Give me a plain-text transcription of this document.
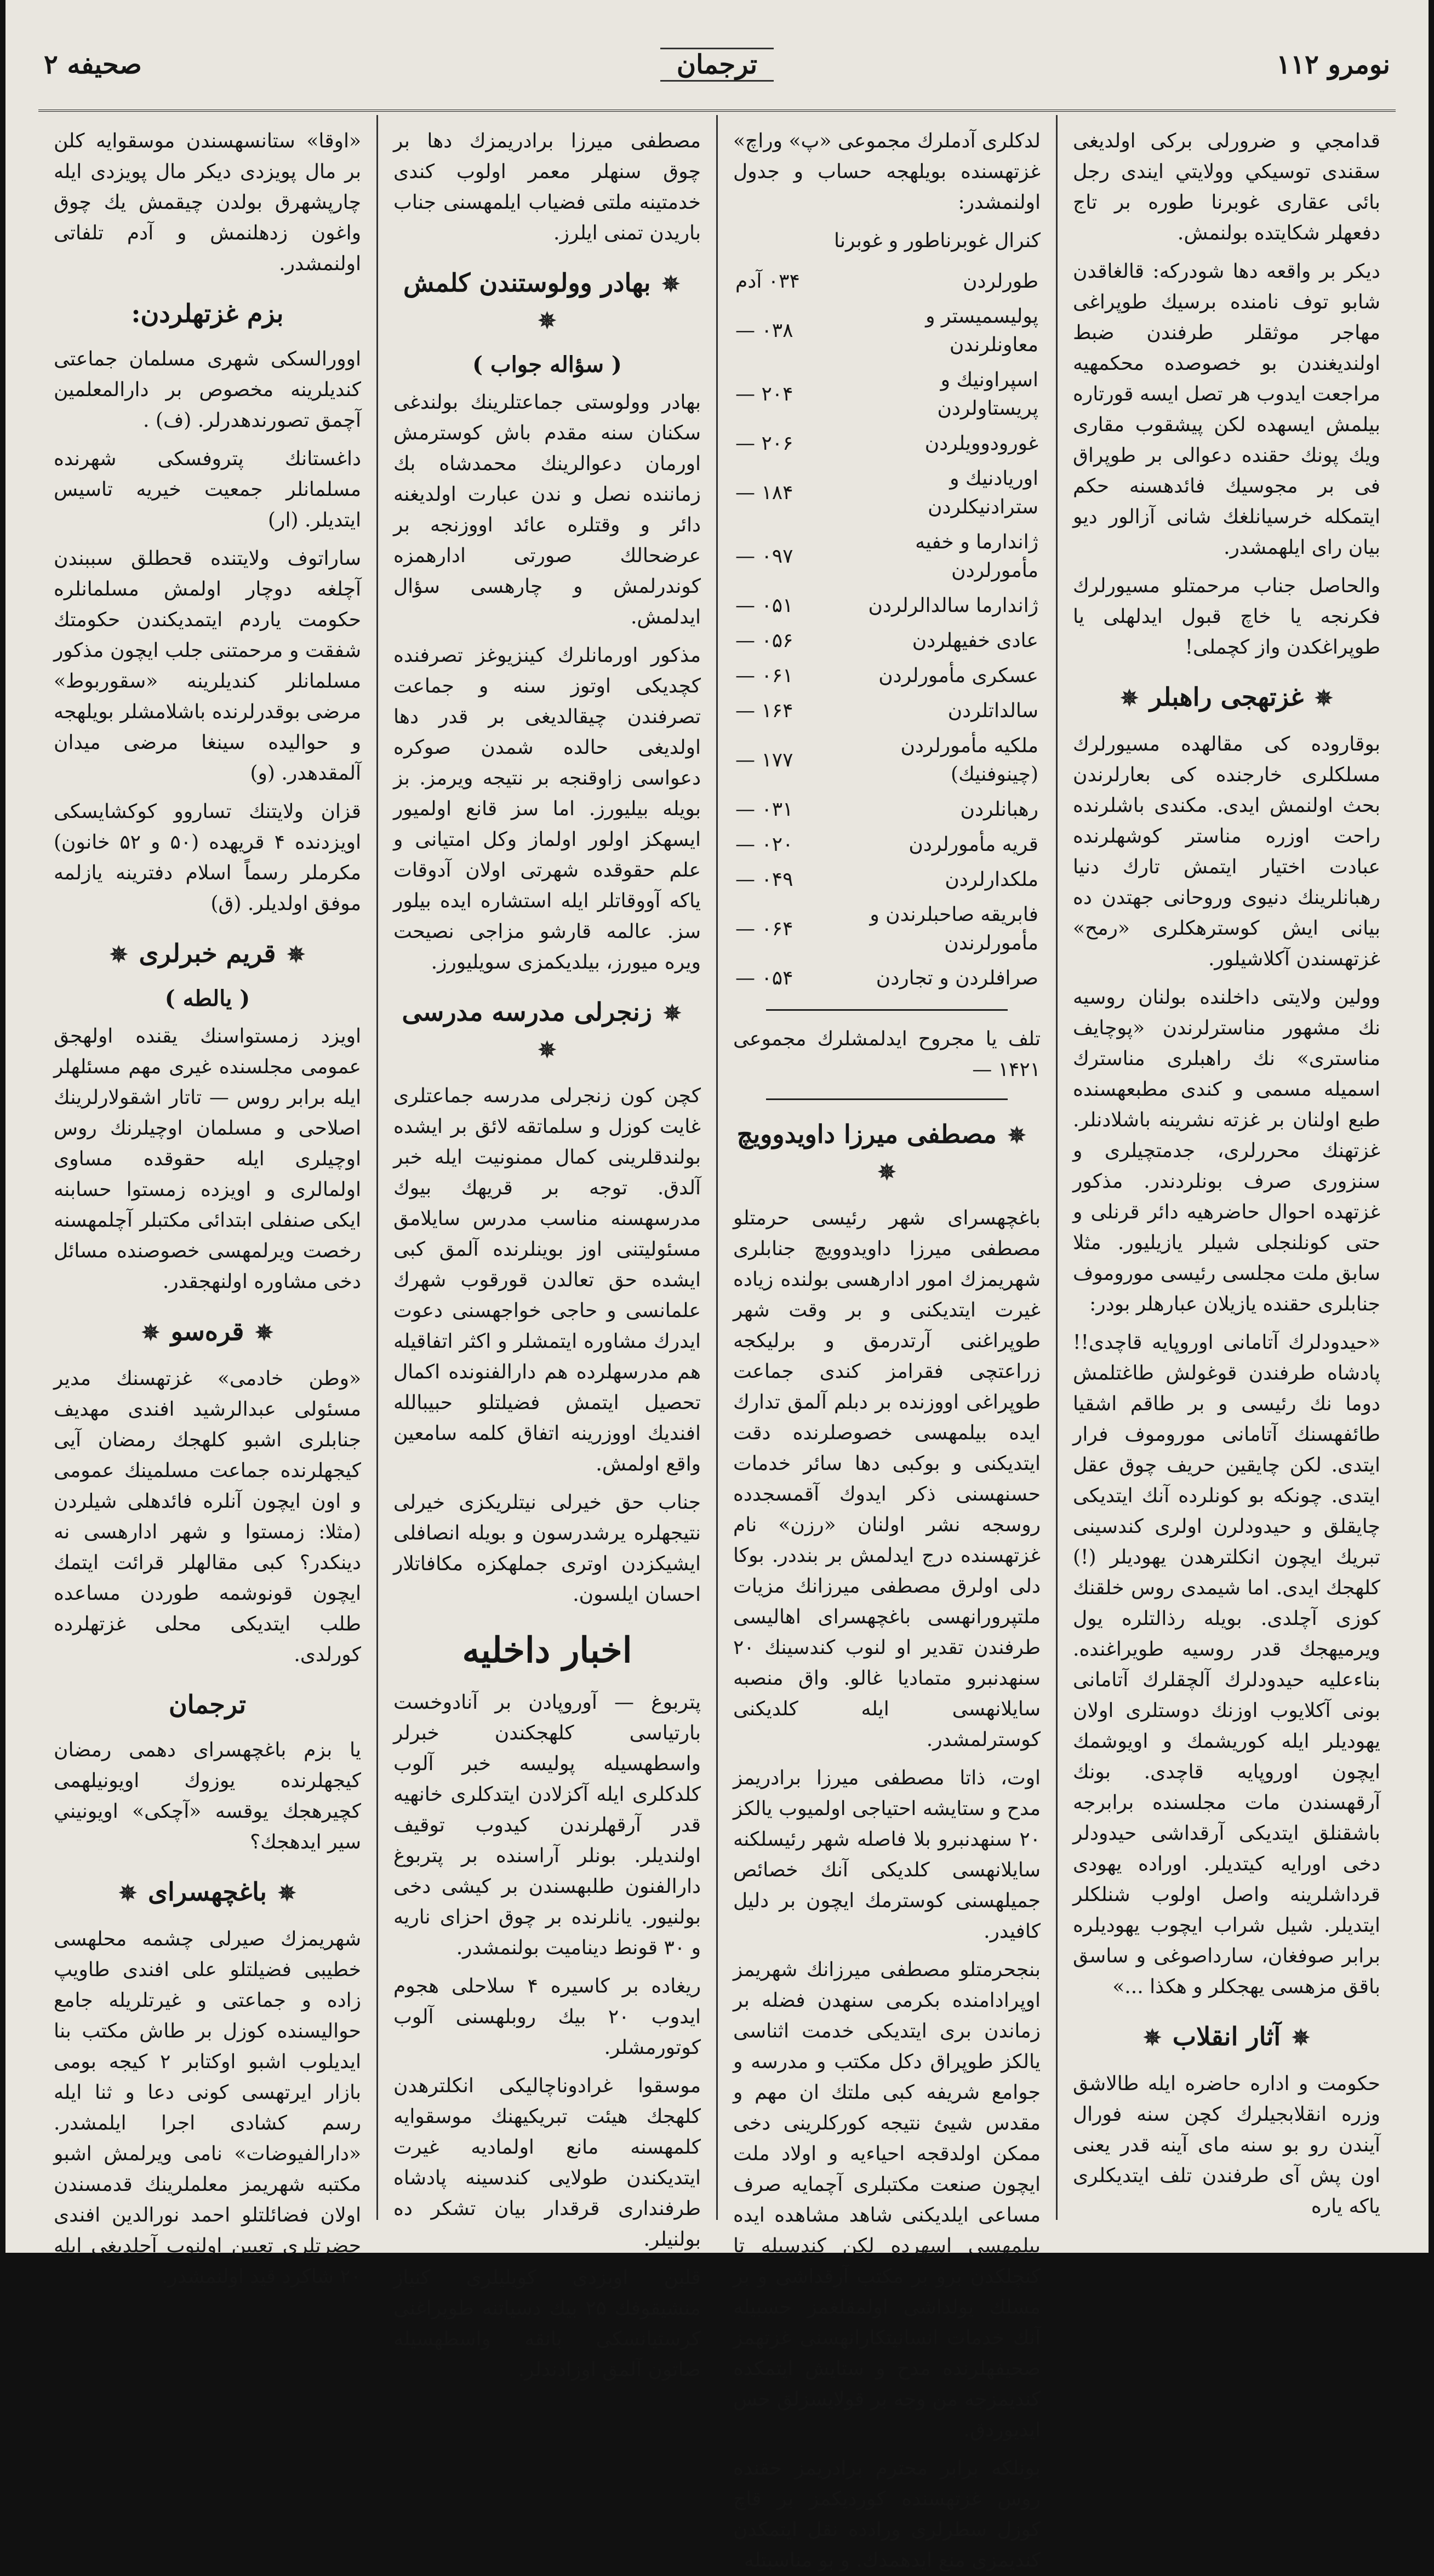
صحيفه ۲	ترجمان	نومرو ۱۱۲

قدامجي و ضرورلى بركى اولديغى سقندى توسيكي وولايتي ايندى رجل بائى عقارى غوبرنا طوره بر تاج دفعهلر شكايتده بولنمش.

ديكر بر واقعه دها شودركه: قالغاقدن شابو توف نامنده برسيك طوپراغى مهاجر موثقلر طرفندن ضبط اولنديغندن بو خصوصده محكمهيه مراجعت ايدوب هر تصل ايسه قورتاره بيلمش ايسهده لكن پيشقوب مقارى ويك پونك حقنده دعوالى بر طوپراق فى بر مجوسيك فائدهسنه حكم ايتمكله خرسيانلغك شانى آزالور ديو بيان راى ايلهمشدر.

والحاصل جناب مرحمتلو مسيورلرك فكرنجه يا خاچ قبول ايدلهلى يا طوپراغكدن واز كچملى!

✵غزتهجى راهبلر✵

بوقاروده كى مقالهده مسيورلرك مسلكلرى خارجنده كى بعارلرندن بحث اولنمش ايدى. مكندى باشلرنده راحت اوزره مناستر كوشهلرنده عبادت اختيار ايتمش تارك دنيا رهبانلرينك دنيوى وروحانى جهتدن ده بيانى ايش كوسترهكلرى «رمح» غزتهسندن آكلاشيلور.

وولين ولايتى داخلنده بولنان روسيه نك مشهور مناسترلرندن «پوچايف مناسترى» نك راهبلرى مناسترك اسميله مسمى و كندى مطبعهسنده طبع اولنان بر غزته نشرينه باشلادنلر. غزتهنك محررلرى، جدمتچيلرى و سنزورى صرف بونلردندر. مذكور غزتهده احوال حاضرهيه دائر قرنلى و حتى كونلنجلى شيلر يازيليور. مثلا سابق ملت مجلسى رئيسى موروموف جنابلرى حقنده يازيلان عبارهلر بودر:

«حيدودلرك آتامانى اوروپايه قاچدى!! پادشاه طرفندن قوغولش طاغتلمش دوما نك رئيسى و بر طاقم اشقيا طائفهسنك آتامانى موروموف فرار ايتدى. لكن چايقين حريف چوق عقل ايتدى. چونكه بو كونلرده آنك ايتديكى چايقلق و حيدودلرن اولرى كندسينى تبريك ايچون انكلترهدن يهوديلر (!) كلهجك ايدى. اما شيمدى روس خلقنك كوزى آچلدى. بويله رذالتلره يول ويرميهجك قدر روسيه طويراغنده. بناءعليه حيدودلرك آلچقلرك آتامانى بونى آكلايوب اوزنك دوستلرى اولان يهوديلر ايله كوريشمك و اويوشمك ايچون اوروپايه قاچدى. بونك آرقهسندن مات مجلسنده برابرجه باشقنلق ايتديكى آرقداشى حيدودلر دخى اورايه كيتديلر. اوراده يهودى قرداشلرينه واصل اولوب شنلكلر ايتديلر. شيل شراب ايچوب يهوديلره برابر صوفغان، سارداصوغى و ساسق باقق مزهسى يهجكلر و هكذا ...»

✵آثار انقلاب✵

حكومت و اداره حاضره ايله طالاشق وزره انقلابجيلرك كچن سنه فورال آيندن رو بو سنه ماى آينه قدر يعنى اون پش آى طرفندن تلف ايتديكلرى ياكه ياره

لدكلرى آدملرك مجموعى «پ» وراچ» غزتهسنده بويلهجه حساب و جدول اولنمشدر:

كنرال غوبرناطور و غوبرنا

طورلردن	۰۳۴ آدم
پوليسميستر و معاونلرندن	۰۳۸ —
اسپراونيك و پريستاولردن	۲۰۴ —
غورودوويلردن	۲۰۶ —
اوريادنيك و سترادنيكلردن	۱۸۴ —
ژاندارما و خفيه مأمورلردن	۰۹۷ —
ژاندارما سالدالرلردن	۰۵۱ —
عادى خفيهلردن	۰۵۶ —
عسكرى مأمورلردن	۰۶۱ —
سالداتلردن	۱۶۴ —
ملكيه مأمورلردن (چينوفنيك)	۱۷۷ —
رهبانلردن	۰۳۱ —
قريه مأمورلردن	۰۲۰ —
ملكدارلردن	۰۴۹ —
فابريقه صاحبلرندن و مأمورلرندن	۰۶۴ —
صرافلردن و تجاردن	۰۵۴ —

تلف يا مجروح ايدلمشلرك مجموعى ۱۴۲۱ —

✵مصطفى ميرزا داويدوويچ✵

باغچهسراى شهر رئيسى حرمتلو مصطفى ميرزا داويدوويچ جنابلرى شهريمزك امور ادارهسى بولنده زياده غيرت ايتديكنى و بر وقت شهر طوپراغنى آرتدرمق و برليكجه زراعتچى فقرامز كندى جماعت طوپراغى اووزنده بر دبلم آلمق تدارك ايده بيلمهسى خصوصلرنده دقت ايتديكنى و بوكبى دها سائر خدمات حسنهسنى ذكر ايدوك آقمسجدده روسجه نشر اولنان «رزن» نام غزتهسنده درج ايدلمش بر بنددر. بوكا دلى اولرق مصطفى ميرزانك مزيات ملتپرورانهسى باغچهسراى اهاليسى طرفندن تقدير او لنوب كندسينك ۲۰ سنهدنبرو متماديا غالو. واق منصبه سايلانهسى ايله كلديكنى كوسترلمشدر.

اوت، ذاتا مصطفى ميرزا برادريمز مدح و ستايشه احتياجى اولميوب يالكز ۲۰ سنهدنبرو بلا فاصله شهر رئيسلكنه سايلانهسى كلديكى آنك خصائص جميلهسنى كوسترمك ايچون بر دليل كافيدر.

بنجحرمتلو مصطفى ميرزانك شهريمز اوپرادامنده بكرمى سنهدن فضله بر زماندن برى ايتديكى خدمت اثناسى يالكز طوپراق دكل مكتب و مدرسه و جوامع شريفه كبى ملتك ان مهم و مقدس شيئ نتيجه كوركلرينى دخى ممكن اولدقجه احياءيه و اولاد ملت ايچون صنعت مكتبلرى آچمايه صرف مساعى ايلديكنى شاهد مشاهده ايده بيلمهسى اسهرده لكن كندسيله تا كنچلكدن برو بر مكتب آرقداشى و بر مسلك يولداشى اولمقلغمز حسبيله آنك خدمات انسانيتكارانهسنى غزتهمز صحيفهلرنده مدح و ستايش ايتمكده كنديمزجه من وجه بر قولايسزلق حس ايديوردق.

بونلكه برابر محترم برادريمز حقنده روس غزتهسنده كورديكمز بر قاچ كوزل سطرلرى ورادده نقل ايتمكدن كنديمزى منع ايدهمدك. و بو مناسبتله

مصطفى ميرزا برادريمزك دها بر چوق سنهلر معمر اولوب كندى خدمتينه ملتى فضياب ايلمهسنى جناب باريدن تمنى ايلرز.

✵بهادر وولوستندن كلمش✵
( سؤاله جواب )

بهادر وولوستى جماعتلرينك بولندغى سكنان سنه مقدم باش كوسترمش اورمان دعوالرينك محمدشاه بك زماننده نصل و ندن عبارت اولديغنه دائر و وقتلره عائد اووزنجه بر عرضحالك صورتى ادارهمزه كوندرلمش و چارهسى سؤال ايدلمش.

مذكور اورمانلرك كينزيوغز تصرفنده كچديكى اوتوز سنه و جماعت تصرفندن چيقالديغى بر قدر دها اولديغى حالده شمدن صوكره دعواسى زاوقنجه بر نتيجه ويرمز. بز بويله بيليورز. اما سز قانع اولميور ايسهكز اولور اولماز وكل امتيانى و علم حقوقده شهرتى اولان آدوقات ياكه آووقاتلر ايله استشاره ايده بيلور سز. عالمه قارشو مزاجى نصيحت ويره ميورز، بيلديكمزى سويليورز.

✵زنجرلى مدرسه مدرسى✵

كچن كون زنجرلى مدرسه جماعتلرى غايت كوزل و سلماتقه لائق بر ايشده بولندقلرينى كمال ممنونيت ايله خبر آلدق. توجه بر قريهك بيوك مدرسهسنه مناسب مدرس سايلامق مسئوليتنى اوز بوينلرنده آلمق كبى ايشده حق تعالدن قورقوب شهرك علمانسى و حاجى خواجهسنى دعوت ايدرك مشاوره ايتمشلر و اكثر اتفاقيله هم مدرسهلرده هم دارالفنونده اكمال تحصيل ايتمش فضيلتلو حبيبالله افنديك اووزرينه اتفاق كلمه سامعين واقع اولمش.

جناب حق خيرلى نيتلريكزى خيرلى نتيجهلره يرشدرسون و بويله انصافلى ايشيكزدن اوترى جملهكزه مكافاتلار احسان ايلسون.

اخبار داخليه

پتربوغ — آوروپادن بر آنادوخست بارتياسى كلهجكندن خبرلر واسطهسيله پوليسه خبر آلوب كلدكلرى ايله آكزلادن ايتدكلرى خانهيه قدر آرقهلرندن كيدوب توقيف اولنديلر. بونلر آراسنده بر پتربوغ دارالفنون طلبهسندن بر كيشى دخى بولنيور. يانلرنده بر چوق احزاى ناريه و ۳۰ قونط ديناميت بولنمشدر.

ريغاده بر كاسيره ۴ سلاحلى هجوم ايدوب ۲۰ بيك روبلهسنى آلوب كوتورمشلر.

موسقوا غرادوناچاليكى انكلترهدن كلهجك هيئت تبريكيهنك موسقوايه كلمهسنه مانع اولماديه غيرت ايتديكندن طولايى كندسينه پادشاه طرفندارى قرقدار بيان تشكر ده بولنيلر.

قلبن اوبزدى كويليلرى كنياز منشيقوفك ۲۵ بيك دسياتنه طوپراغنى كرستيانسكى بانقه واسطهسيله صاتون آلمق اوزادندلر.

«اوقا» ستانسهسندن موسقوايه كلن بر مال پويزدى ديكر مال پويزدى ايله چارپشهرق بولدن چيقمش يك چوق واغون زدهلنمش و آدم تلفاتى اولنمشدر.

بزم غزتهلردن:

اوورالسكى شهرى مسلمان جماعتى كنديلرينه مخصوص بر دارالمعلمين آچمق تصورندهدرلر. (ف) .

داغستانك پتروفسكى شهرنده مسلمانلر جمعيت خيريه تاسيس ايتديلر. (ار)

ساراتوف ولايتنده قحطلق سببندن آچلغه دوچار اولمش مسلمانلره حكومت ياردم ايتمديكندن حكومتك شفقت و مرحمتنى جلب ايچون مذكور مسلمانلر كنديلرينه «سقوربوط» مرضى بوقدرلرنده باشلامشلر بويلهجه و حواليده سينغا مرضى ميدان آلمقدهدر. (و)

قزان ولايتنك تساروو كوكشايسكى اويزدنده ۴ قريهده (۵۰ و ۵۲ خانون) مكرملر رسماً اسلام دفترينه يازلمه موفق اولديلر. (ق)

✵قريم خبرلرى✵
( يالطه )

اويزد زمستواسنك يقنده اولهجق عمومى مجلسنده غيرى مهم مسئلهلر ايله برابر روس — تاتار اشقولارلرينك اصلاحى و مسلمان اوچيلرنك روس اوچيلرى ايله حقوقده مساوى اولمالرى و اويزده زمستوا حسابنه ايكى صنفلى ابتدائى مكتبلر آچلمهسنه رخصت ويرلمهسى خصوصنده مسائل دخى مشاوره اولنهجقدر.

✵قره‌سو✵

«وطن خادمى» غزتهسنك مدير مسئولى عبدالرشيد افندى مهديف جنابلرى اشبو كلهجك رمضان آيى كيجهلرنده جماعت مسلمينك عمومى و اون ايچون آنلره فائدهلى شيلردن (مثلا: زمستوا و شهر ادارهسى نه دينكدر؟ كبى مقالهلر قرائت ايتمك ايچون قونوشمه طوردن مساعده طلب ايتديكى محلى غزتهلرده كورلدى.

ترجمان

يا بزم باغچهسراى دهمى رمضان كيجهلرنده يوزوك اويونيلهمى كچيرهجك يوقسه «آچكى» اويونيني سير ايدهجك؟

✵باغچهسراى✵

شهريمزك صيرلى چشمه محلهسى خطيبى فضيلتلو على افندى طاويپ زاده و جماعتى و غيرتلريله جامع حواليسنده كوزل بر طاش مكتب بنا ايديلوب اشبو اوكتابر ۲ كيجه بومى بازار ايرتهسى كونى دعا و ثنا ايله رسم كشادى اجرا ايلمشدر. «دارالفيوضات» نامى ويرلمش اشبو مكتبه شهريمز معلملرينك قدمسندن اولان فضائلتلو احمد نورالدين افندى حضرتلرى تعيين اولنوب آچلديغى ايله ۲۰ شاكرد قيد اولنمشدر.
